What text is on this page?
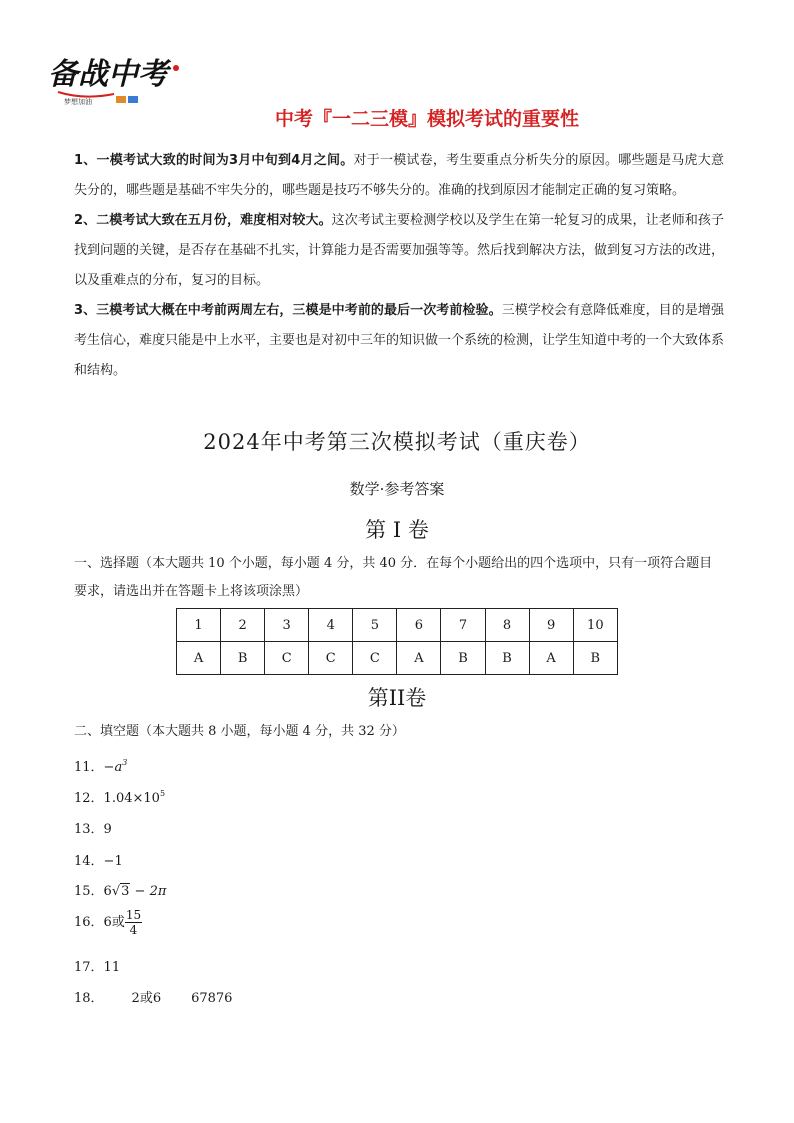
备战中考
梦想加油
中考『一二三模』模拟考试的重要性

1、一模考试大致的时间为3月中旬到4月之间。对于一模试卷，考生要重点分析失分的原因。哪些题是马虎大意失分的，哪些题是基础不牢失分的，哪些题是技巧不够失分的。准确的找到原因才能制定正确的复习策略。

2、二模考试大致在五月份，难度相对较大。这次考试主要检测学校以及学生在第一轮复习的成果，让老师和孩子找到问题的关键，是否存在基础不扎实，计算能力是否需要加强等等。然后找到解决方法，做到复习方法的改进，以及重难点的分布，复习的目标。

3、三模考试大概在中考前两周左右，三模是中考前的最后一次考前检验。三模学校会有意降低难度，目的是增强考生信心，难度只能是中上水平，主要也是对初中三年的知识做一个系统的检测，让学生知道中考的一个大致体系和结构。

2024年中考第三次模拟考试（重庆卷）
数学·参考答案
第 I 卷

一、选择题（本大题共 10 个小题，每小题 4 分，共 40 分．在每个小题给出的四个选项中，只有一项符合题目要求，请选出并在答题卡上将该项涂黑）

1	2	3	4	5	6	7	8	9	10
A	B	C	C	C	A	B	B	A	B
第II卷

二、填空题（本大题共 8 小题，每小题 4 分，共 32 分）

11．$-a^3$
12．$1.04\times 10^5$
13．9
14．−1
15．6√3 − 2π
16．6或 $\frac{15}{4}$
17．11
18． 2或6 67876
